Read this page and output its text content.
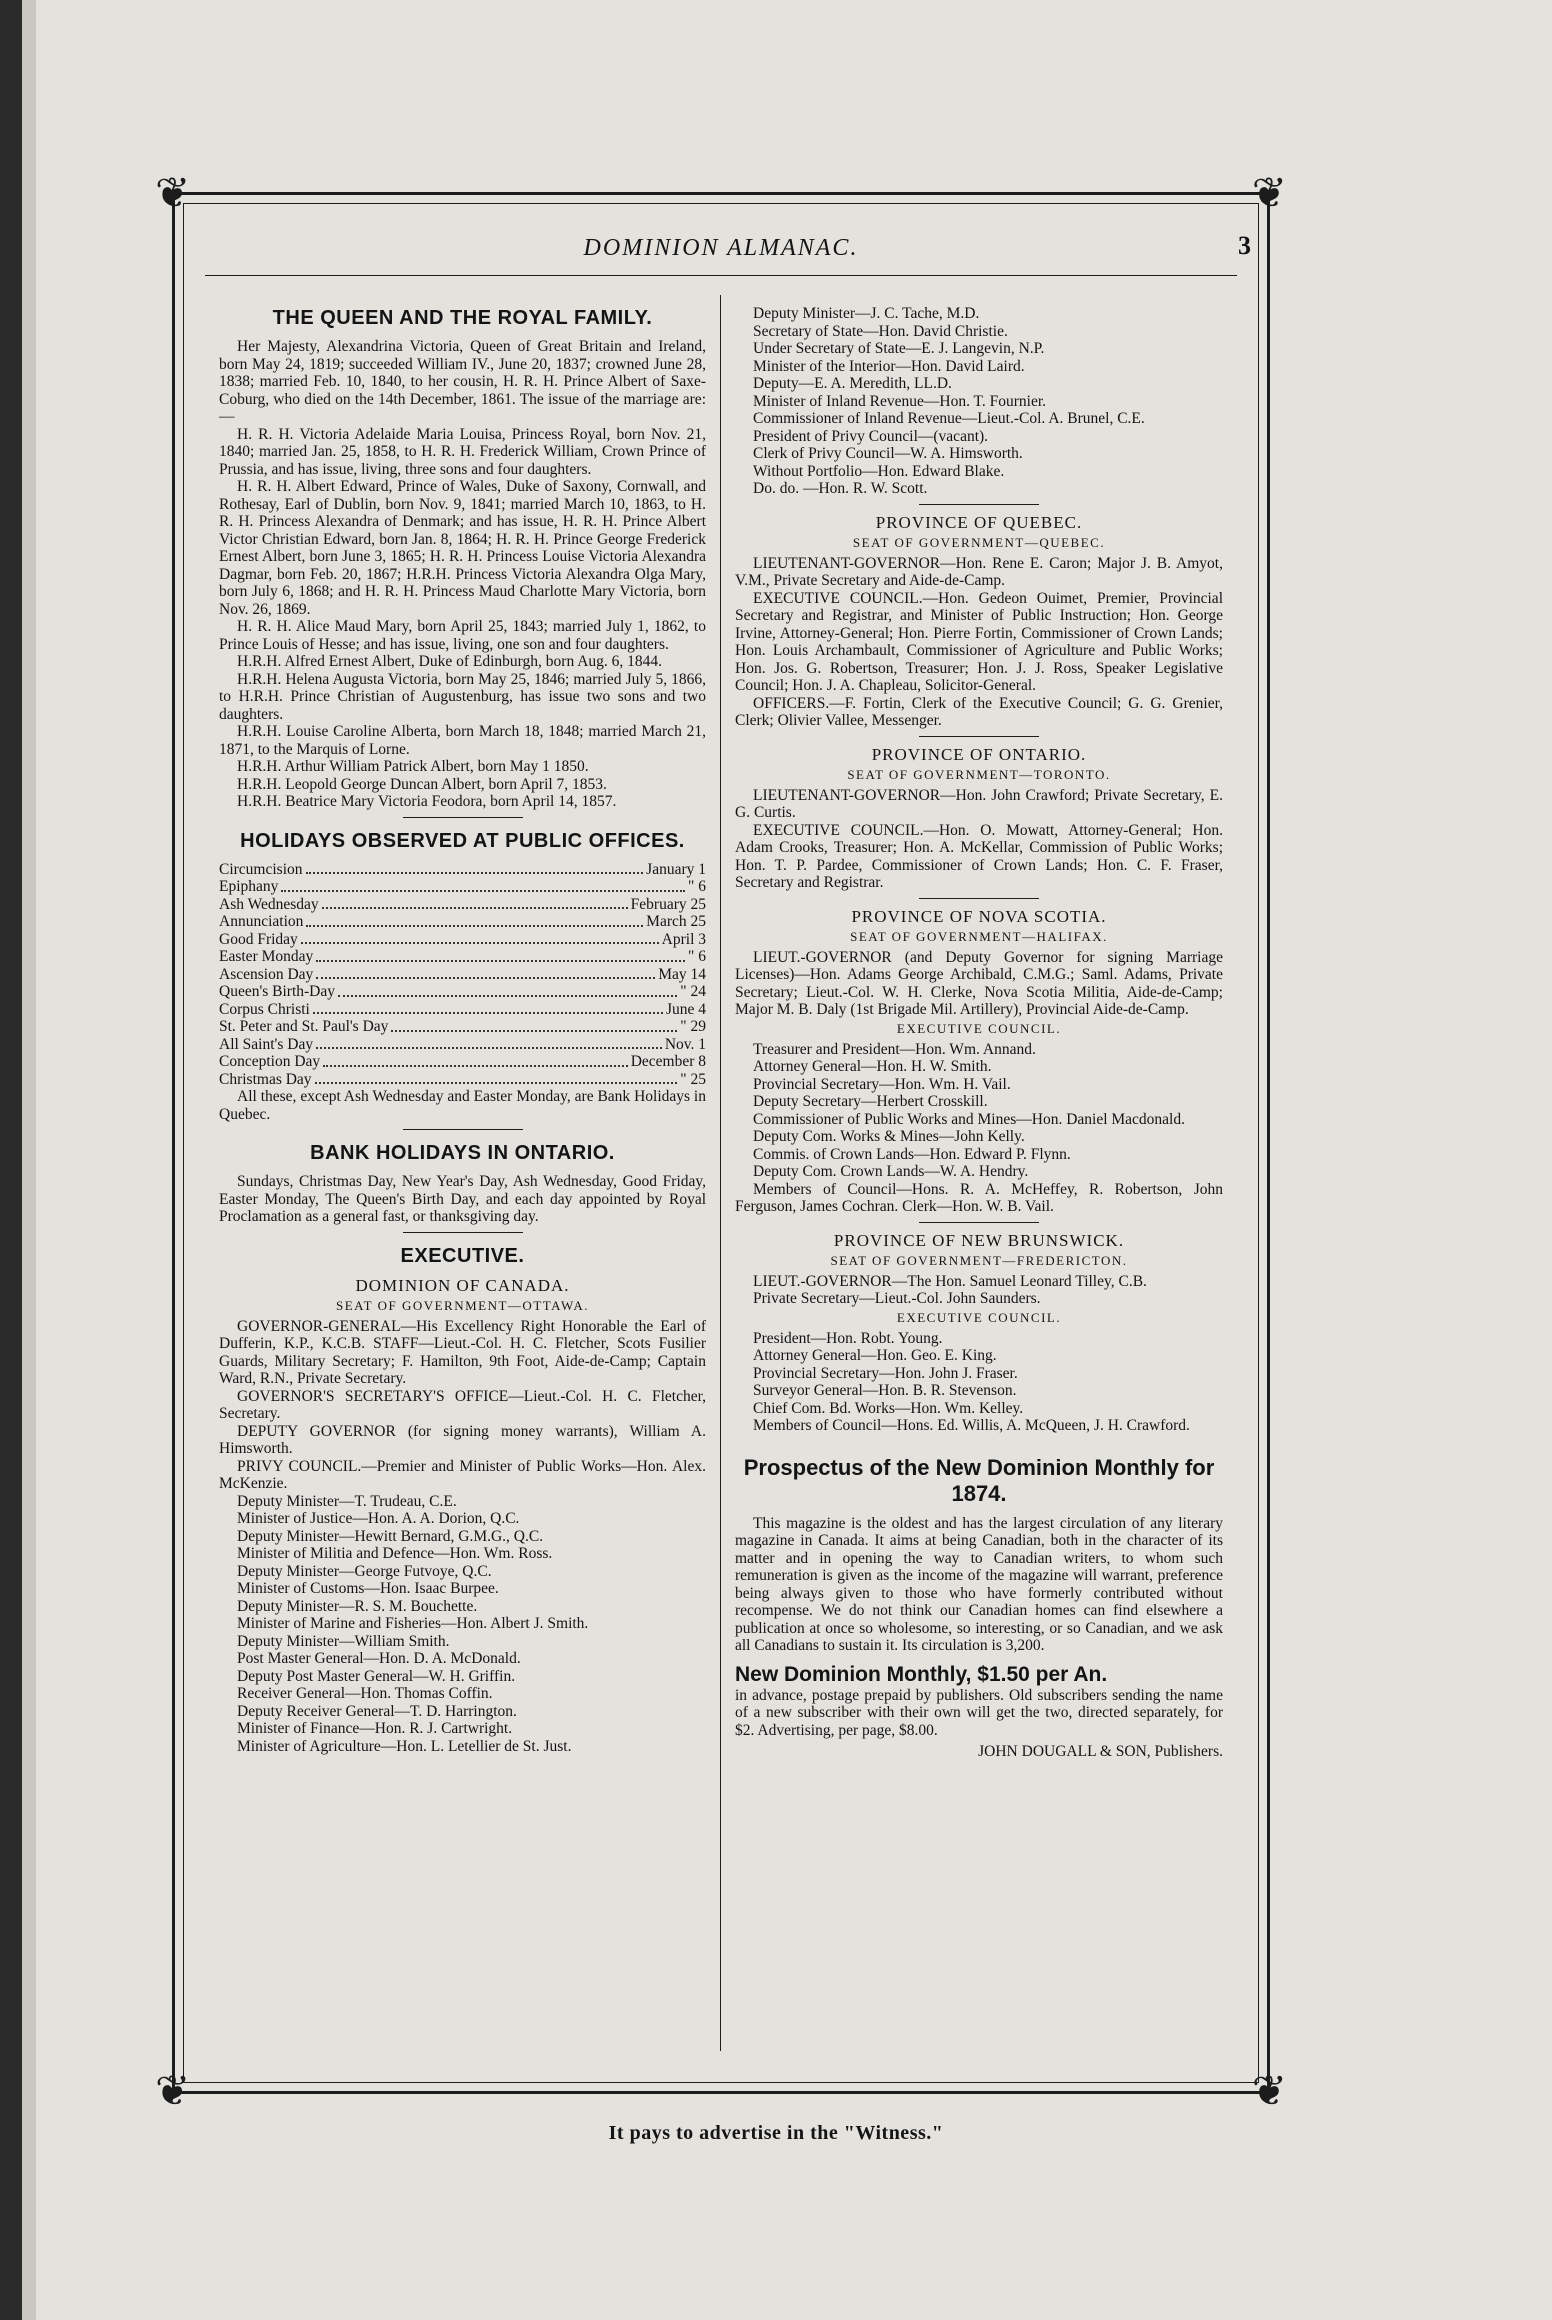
❦	❦
❦	❦
DOMINION ALMANAC.	3
THE QUEEN AND THE ROYAL FAMILY.

Her Majesty, Alexandrina Victoria, Queen of Great Britain and Ireland, born May 24, 1819; succeeded William IV., June 20, 1837; crowned June 28, 1838; married Feb. 10, 1840, to her cousin, H. R. H. Prince Albert of Saxe-Coburg, who died on the 14th December, 1861. The issue of the marriage are:—

H. R. H. Victoria Adelaide Maria Louisa, Princess Royal, born Nov. 21, 1840; married Jan. 25, 1858, to H. R. H. Frederick William, Crown Prince of Prussia, and has issue, living, three sons and four daughters.

H. R. H. Albert Edward, Prince of Wales, Duke of Saxony, Cornwall, and Rothesay, Earl of Dublin, born Nov. 9, 1841; married March 10, 1863, to H. R. H. Princess Alexandra of Denmark; and has issue, H. R. H. Prince Albert Victor Christian Edward, born Jan. 8, 1864; H. R. H. Prince George Frederick Ernest Albert, born June 3, 1865; H. R. H. Princess Louise Victoria Alexandra Dagmar, born Feb. 20, 1867; H.R.H. Princess Victoria Alexandra Olga Mary, born July 6, 1868; and H. R. H. Princess Maud Charlotte Mary Victoria, born Nov. 26, 1869.

H. R. H. Alice Maud Mary, born April 25, 1843; married July 1, 1862, to Prince Louis of Hesse; and has issue, living, one son and four daughters.

H.R.H. Alfred Ernest Albert, Duke of Edinburgh, born Aug. 6, 1844.

H.R.H. Helena Augusta Victoria, born May 25, 1846; married July 5, 1866, to H.R.H. Prince Christian of Augustenburg, has issue two sons and two daughters.

H.R.H. Louise Caroline Alberta, born March 18, 1848; married March 21, 1871, to the Marquis of Lorne.

H.R.H. Arthur William Patrick Albert, born May 1 1850.

H.R.H. Leopold George Duncan Albert, born April 7, 1853.

H.R.H. Beatrice Mary Victoria Feodora, born April 14, 1857.

HOLIDAYS OBSERVED AT PUBLIC OFFICES.
Circumcision	January 1
Epiphany	" 6
Ash Wednesday	February 25
Annunciation	March 25
Good Friday	April 3
Easter Monday	" 6
Ascension Day	May 14
Queen's Birth-Day	" 24
Corpus Christi	June 4
St. Peter and St. Paul's Day	" 29
All Saint's Day	Nov. 1
Conception Day	December 8
Christmas Day	" 25

All these, except Ash Wednesday and Easter Monday, are Bank Holidays in Quebec.

BANK HOLIDAYS IN ONTARIO.

Sundays, Christmas Day, New Year's Day, Ash Wednesday, Good Friday, Easter Monday, The Queen's Birth Day, and each day appointed by Royal Proclamation as a general fast, or thanksgiving day.

EXECUTIVE.
DOMINION OF CANADA.
SEAT OF GOVERNMENT—OTTAWA.

GOVERNOR-GENERAL—His Excellency Right Honorable the Earl of Dufferin, K.P., K.C.B. STAFF—Lieut.-Col. H. C. Fletcher, Scots Fusilier Guards, Military Secretary; F. Hamilton, 9th Foot, Aide-de-Camp; Captain Ward, R.N., Private Secretary.

GOVERNOR'S SECRETARY'S OFFICE—Lieut.-Col. H. C. Fletcher, Secretary.

DEPUTY GOVERNOR (for signing money warrants), William A. Himsworth.

PRIVY COUNCIL.—Premier and Minister of Public Works—Hon. Alex. McKenzie.

Deputy Minister—T. Trudeau, C.E.

Minister of Justice—Hon. A. A. Dorion, Q.C.

Deputy Minister—Hewitt Bernard, G.M.G., Q.C.

Minister of Militia and Defence—Hon. Wm. Ross.

Deputy Minister—George Futvoye, Q.C.

Minister of Customs—Hon. Isaac Burpee.

Deputy Minister—R. S. M. Bouchette.

Minister of Marine and Fisheries—Hon. Albert J. Smith.

Deputy Minister—William Smith.

Post Master General—Hon. D. A. McDonald.

Deputy Post Master General—W. H. Griffin.

Receiver General—Hon. Thomas Coffin.

Deputy Receiver General—T. D. Harrington.

Minister of Finance—Hon. R. J. Cartwright.

Minister of Agriculture—Hon. L. Letellier de St. Just.

Deputy Minister—J. C. Tache, M.D.

Secretary of State—Hon. David Christie.

Under Secretary of State—E. J. Langevin, N.P.

Minister of the Interior—Hon. David Laird.

Deputy—E. A. Meredith, LL.D.

Minister of Inland Revenue—Hon. T. Fournier.

Commissioner of Inland Revenue—Lieut.-Col. A. Brunel, C.E.

President of Privy Council—(vacant).

Clerk of Privy Council—W. A. Himsworth.

Without Portfolio—Hon. Edward Blake.

Do. do. —Hon. R. W. Scott.

PROVINCE OF QUEBEC.
SEAT OF GOVERNMENT—QUEBEC.

LIEUTENANT-GOVERNOR—Hon. Rene E. Caron; Major J. B. Amyot, V.M., Private Secretary and Aide-de-Camp.

EXECUTIVE COUNCIL.—Hon. Gedeon Ouimet, Premier, Provincial Secretary and Registrar, and Minister of Public Instruction; Hon. George Irvine, Attorney-General; Hon. Pierre Fortin, Commissioner of Crown Lands; Hon. Louis Archambault, Commissioner of Agriculture and Public Works; Hon. Jos. G. Robertson, Treasurer; Hon. J. J. Ross, Speaker Legislative Council; Hon. J. A. Chapleau, Solicitor-General.

OFFICERS.—F. Fortin, Clerk of the Executive Council; G. G. Grenier, Clerk; Olivier Vallee, Messenger.

PROVINCE OF ONTARIO.
SEAT OF GOVERNMENT—TORONTO.

LIEUTENANT-GOVERNOR—Hon. John Crawford; Private Secretary, E. G. Curtis.

EXECUTIVE COUNCIL.—Hon. O. Mowatt, Attorney-General; Hon. Adam Crooks, Treasurer; Hon. A. McKellar, Commission of Public Works; Hon. T. P. Pardee, Commissioner of Crown Lands; Hon. C. F. Fraser, Secretary and Registrar.

PROVINCE OF NOVA SCOTIA.
SEAT OF GOVERNMENT—HALIFAX.

LIEUT.-GOVERNOR (and Deputy Governor for signing Marriage Licenses)—Hon. Adams George Archibald, C.M.G.; Saml. Adams, Private Secretary; Lieut.-Col. W. H. Clerke, Nova Scotia Militia, Aide-de-Camp; Major M. B. Daly (1st Brigade Mil. Artillery), Provincial Aide-de-Camp.

EXECUTIVE COUNCIL.

Treasurer and President—Hon. Wm. Annand.

Attorney General—Hon. H. W. Smith.

Provincial Secretary—Hon. Wm. H. Vail.

Deputy Secretary—Herbert Crosskill.

Commissioner of Public Works and Mines—Hon. Daniel Macdonald.

Deputy Com. Works & Mines—John Kelly.

Commis. of Crown Lands—Hon. Edward P. Flynn.

Deputy Com. Crown Lands—W. A. Hendry.

Members of Council—Hons. R. A. McHeffey, R. Robertson, John Ferguson, James Cochran. Clerk—Hon. W. B. Vail.

PROVINCE OF NEW BRUNSWICK.
SEAT OF GOVERNMENT—FREDERICTON.

LIEUT.-GOVERNOR—The Hon. Samuel Leonard Tilley, C.B.

Private Secretary—Lieut.-Col. John Saunders.

EXECUTIVE COUNCIL.

President—Hon. Robt. Young.

Attorney General—Hon. Geo. E. King.

Provincial Secretary—Hon. John J. Fraser.

Surveyor General—Hon. B. R. Stevenson.

Chief Com. Bd. Works—Hon. Wm. Kelley.

Members of Council—Hons. Ed. Willis, A. McQueen, J. H. Crawford.

Prospectus of the New Dominion Monthly for 1874.

This magazine is the oldest and has the largest circulation of any literary magazine in Canada. It aims at being Canadian, both in the character of its matter and in opening the way to Canadian writers, to whom such remuneration is given as the income of the magazine will warrant, preference being always given to those who have formerly contributed without recompense. We do not think our Canadian homes can find elsewhere a publication at once so wholesome, so interesting, or so Canadian, and we ask all Canadians to sustain it. Its circulation is 3,200.

New Dominion Monthly, $1.50 per An.

in advance, postage prepaid by publishers. Old subscribers sending the name of a new subscriber with their own will get the two, directed separately, for $2. Advertising, per page, $8.00.

JOHN DOUGALL & SON, Publishers.
It pays to advertise in the "Witness."
